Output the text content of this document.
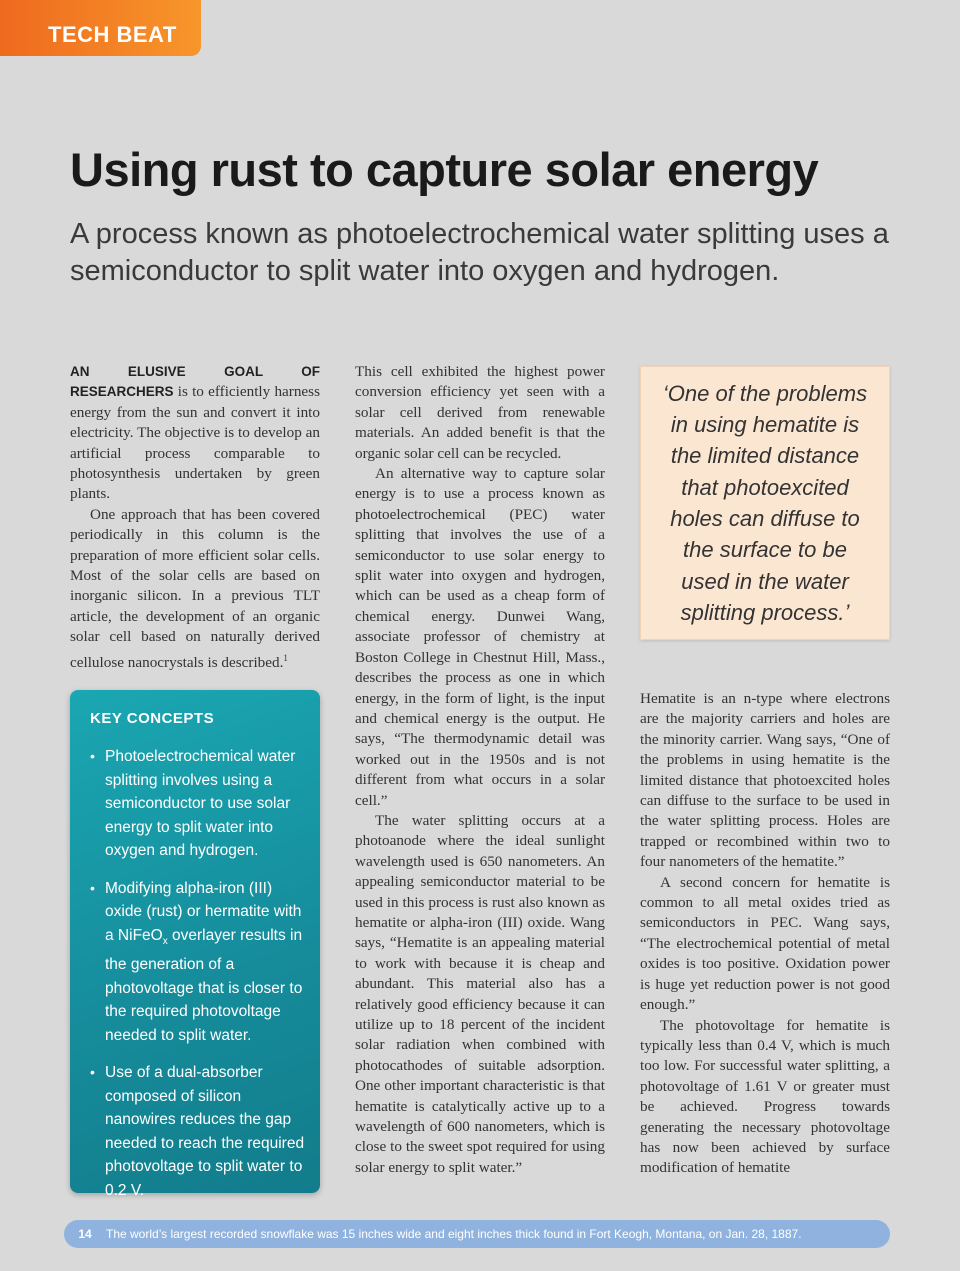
TECH BEAT
Using rust to capture solar energy

A process known as photoelectrochemical water splitting uses a semiconductor to split water into oxygen and hydrogen.

AN ELUSIVE GOAL OF RESEARCHERS is to efficiently harness energy from the sun and convert it into electricity. The objective is to develop an artificial process comparable to photosynthesis undertaken by green plants.

One approach that has been covered periodically in this column is the preparation of more efficient solar cells. Most of the solar cells are based on inorganic silicon. In a previous TLT article, the development of an organic solar cell based on naturally derived cellulose nanocrystals is described.$^1$

KEY CONCEPTS
• Photoelectrochemical water splitting involves using a semiconductor to use solar energy to split water into oxygen and hydrogen.
• Modifying alpha-iron (III) oxide (rust) or hermatite with a NiFeO$_x$ overlayer results in the generation of a photovoltage that is closer to the required photovoltage needed to split water.
• Use of a dual-absorber composed of silicon nanowires reduces the gap needed to reach the required photovoltage to split water to 0.2 V.

This cell exhibited the highest power conversion efficiency yet seen with a solar cell derived from renewable materials. An added benefit is that the organic solar cell can be recycled.

An alternative way to capture solar energy is to use a process known as photoelectrochemical (PEC) water splitting that involves the use of a semiconductor to use solar energy to split water into oxygen and hydrogen, which can be used as a cheap form of chemical energy. Dunwei Wang, associate professor of chemistry at Boston College in Chestnut Hill, Mass., describes the process as one in which energy, in the form of light, is the input and chemical energy is the output. He says, “The thermodynamic detail was worked out in the 1950s and is not different from what occurs in a solar cell.”

The water splitting occurs at a photoanode where the ideal sunlight wavelength used is 650 nanometers. An appealing semiconductor material to be used in this process is rust also known as hematite or alpha-iron (III) oxide. Wang says, “Hematite is an appealing material to work with because it is cheap and abundant. This material also has a relatively good efficiency because it can utilize up to 18 percent of the incident solar radiation when combined with photocathodes of suitable adsorption. One other important characteristic is that hematite is catalytically active up to a wavelength of 600 nanometers, which is close to the sweet spot required for using solar energy to split water.”

‘One of the problems in using hematite is the limited distance that photoexcited holes can diffuse to the surface to be used in the water splitting process.’

Hematite is an n-type where electrons are the majority carriers and holes are the minority carrier. Wang says, “One of the problems in using hematite is the limited distance that photoexcited holes can diffuse to the surface to be used in the water splitting process. Holes are trapped or recombined within two to four nanometers of the hematite.”

A second concern for hematite is common to all metal oxides tried as semiconductors in PEC. Wang says, “The electrochemical potential of metal oxides is too positive. Oxidation power is huge yet reduction power is not good enough.”

The photovoltage for hematite is typically less than 0.4 V, which is much too low. For successful water splitting, a photovoltage of 1.61 V or greater must be achieved. Progress towards generating the necessary photovoltage has now been achieved by surface modification of hematite

14	The world’s largest recorded snowflake was 15 inches wide and eight inches thick found in Fort Keogh, Montana, on Jan. 28, 1887.
